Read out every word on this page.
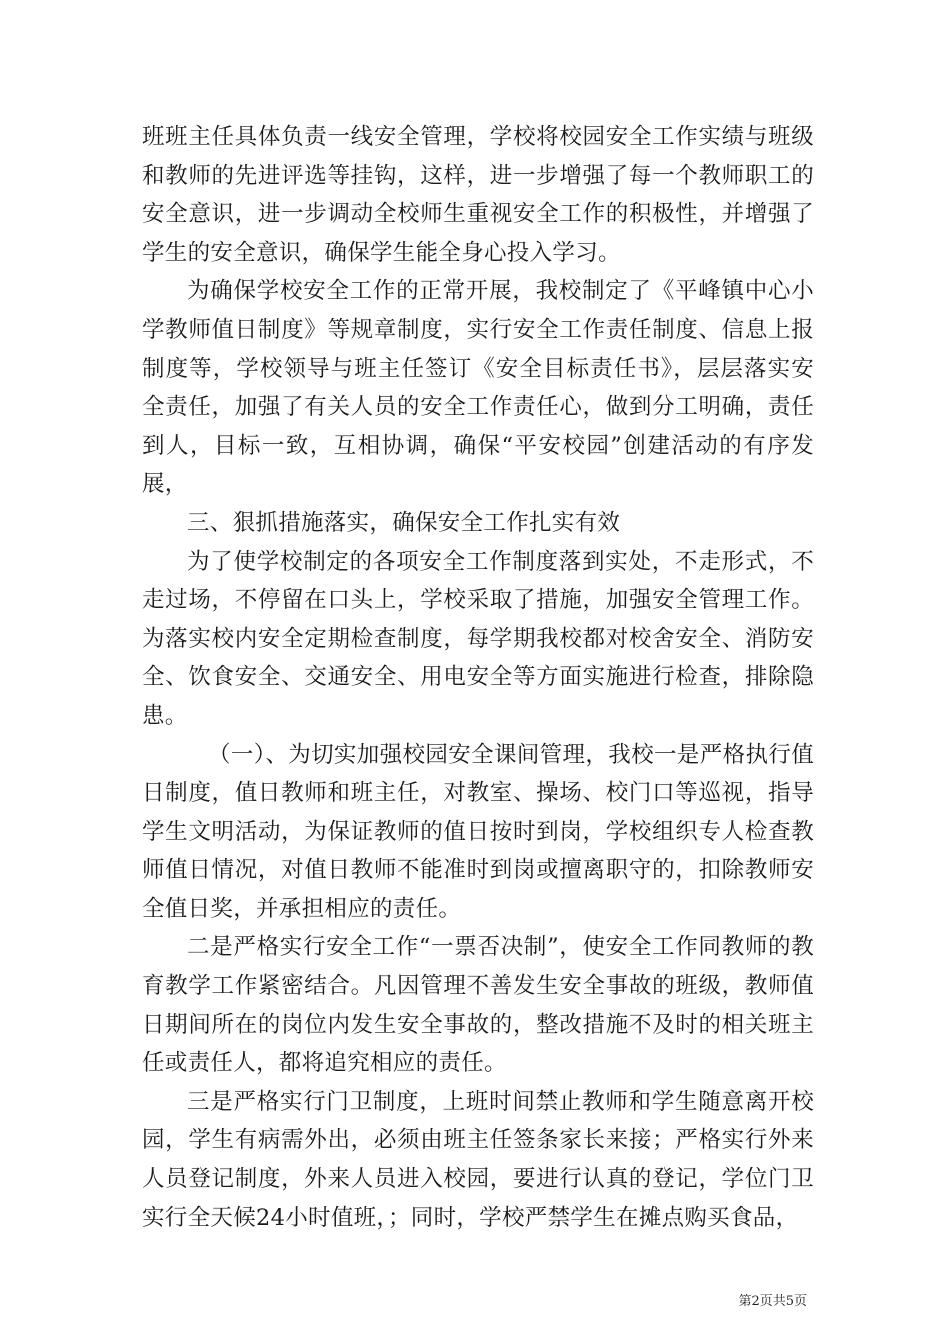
班班主任具体负责一线安全管理，学校将校园安全工作实绩与班级和教师的先进评选等挂钩，这样，进一步增强了每一个教师职工的安全意识，进一步调动全校师生重视安全工作的积极性，并增强了学生的安全意识，确保学生能全身心投入学习。

为确保学校安全工作的正常开展，我校制定了《平峰镇中心小学教师值日制度》等规章制度，实行安全工作责任制度、信息上报制度等，学校领导与班主任签订《安全目标责任书》，层层落实安全责任，加强了有关人员的安全工作责任心，做到分工明确，责任到人，目标一致，互相协调，确保“平安校园”创建活动的有序发展，

三、狠抓措施落实，确保安全工作扎实有效

为了使学校制定的各项安全工作制度落到实处，不走形式，不走过场，不停留在口头上，学校采取了措施，加强安全管理工作。为落实校内安全定期检查制度，每学期我校都对校舍安全、消防安全、饮食安全、交通安全、用电安全等方面实施进行检查，排除隐患。

（一）、为切实加强校园安全课间管理，我校一是严格执行值日制度，值日教师和班主任，对教室、操场、校门口等巡视，指导学生文明活动，为保证教师的值日按时到岗，学校组织专人检查教师值日情况，对值日教师不能准时到岗或擅离职守的，扣除教师安全值日奖，并承担相应的责任。

二是严格实行安全工作“一票否决制”，使安全工作同教师的教育教学工作紧密结合。凡因管理不善发生安全事故的班级，教师值日期间所在的岗位内发生安全事故的，整改措施不及时的相关班主任或责任人，都将追究相应的责任。

三是严格实行门卫制度，上班时间禁止教师和学生随意离开校园，学生有病需外出，必须由班主任签条家长来接；严格实行外来人员登记制度，外来人员进入校园，要进行认真的登记，学位门卫实行全天候24小时值班，；同时，学校严禁学生在摊点购买食品，

第2页共5页
